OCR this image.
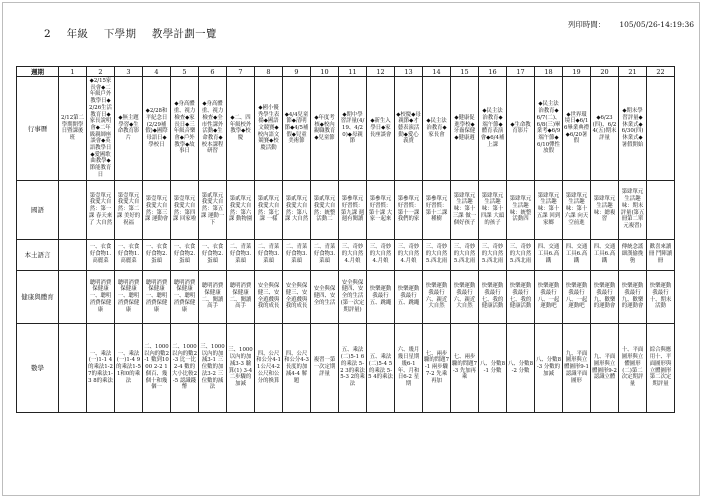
2 年級 下學期 教學計劃一覽
列印時間： 105/05/26-14:19:36
週期	1	2	3	4	5	6	7	8	9	10	11	12	13	14	15	16	17	18	19	20	21	22
行事曆	2/12第二學期開學日暨課後班	◆2/15家長會◆二年級戶外教學日◆2/26生活教育日◆家長說明會◆二年級親師座談會◆英語教學日◆愛國歌曲教學◆節能教育日	◆無主題學習◆生命教育影片	◆2/28和平紀念日(2/29補假)◆國際母語日◆學校日	◆身高體重、視力檢查◆家長日◆三年級音樂會◆戶外教學◆故事日	◆身高體重、視力檢查◆全市性課外活動◆生命教育◆校本課程研習	◆二、四年級校外教學◆校慶	◆國小優秀學生表揚◆國語文競賽◆校內語文競賽◆校慶活動	◆4/4兒童節◆清明節◆4/5補假◆兒童美術節	◆年度考核◆校內親職教育◆兒童節	◆期中學習評量(4/19、4/20)◆母親節	◆新生入學日◆家長座談會	◆校慶◆母親節◆才藝表演活動◆愛心義賣	◆民主法治教育◆家長會	◆健康促進學校◆牙齒保健◆健康週	◆民主法治教育◆端午節◆體育表演會◆6/4補上課	◆生命教育影片	◆民主法治教育◆6/7(二)、6/8(三)畢業考◆6/9端午節◆6/10彈性放假	◆世界環境日◆6/16畢業典禮◆6/20暑假	◆6/23(四)、6/24(五)期末評量	◆期末學習評量◆休業式◆6/30(四)休業式◆暑假開始	

國語		第壹單元我愛大自然：第一課 春天來了 大自然	第壹單元我愛大自然：第二課 美好的祝福	第壹單元我愛大自然：第三課 運動會	第壹單元我愛大自然：第四課 回家啦	第貳單元我愛大自然：第五課 運動一下	第貳單元我愛大自然：第六課 動物園	第貳單元我愛大自然：第七課 一樣	第貳單元我愛大自然：第八課 大自然	第貳單元我愛大自然：統整活動二	第參單元好習慣：第九課 週週有閱讀	第參單元好習慣：第十課 大家一起來	第參單元好習慣：第十一課 我們的家	第參單元好習慣：第十二課 種樹	第肆單元生活趣味：第十三課 做一個好孩子	第肆單元生活趣味：第十四課 大頭的孩子	第肆單元生活趣味：統整活動四	第肆單元生活趣味：第十五課 回到家鄉	第肆單元生活趣味：第十六課 向天空前進	第肆單元生活趣味：總複習	第肆單元生活趣味：期末評量(第五冊第二單元複習)	

本土語言		一、衣食好食物1.高麗菜	一、衣食好食物1.高麗菜	一、衣食好食物2.蛋頭	一、衣食好食物2.蛋頭	一、衣食好食物2.蛋頭	二、青菜好食物3.菜頭	二、青菜好食物3.菜頭	二、青菜好食物3.菜頭	二、青菜好食物3.菜頭	三、奇妙的大自然4.月娘	三、奇妙的大自然4.月娘	三、奇妙的大自然4.月娘	三、奇妙的大自然5.西北雨	三、奇妙的大自然5.西北雨	三、奇妙的大自然5.西北雨	三、奇妙的大自然5.西北雨	四、交通工具6.高鐵	四、交通工具6.高鐵	四、交通工具6.高鐵	傳統念謠 細漢偷挽匏	歡喜來讀冊 鬥陣讀冊

健康與體育		聰明消費保健康一、聰明消費保健康	聰明消費保健康一、聰明消費保健康	聰明消費保健康一、聰明消費保健康	聰明消費保健康一、聰明消費保健康	聰明消費保健康二、閱讀高手	聰明消費保健康二、閱讀高手	安全與保健三、安全遊戲與我的成長	安全與保健三、安全遊戲與我的成長	安全與保健四、安全的生活	安全與保健四、安全的生活(第一次定期評量)	快樂運動我最行五、跳繩	快樂運動我最行五、跳繩	快樂運動我最行六、親近大自然	快樂運動我最行六、親近大自然	快樂運動我最行七、我的健康活動	快樂運動我最行七、我的健康活動	快樂運動我最行八、一起運動吧	快樂運動我最行八、一起運動吧	快樂運動我最行九、歡樂的運動會	快樂運動我最行九、歡樂的運動會	快樂運動我最行十、期末活動

數學		一、乘法(一)1-1 4的乘法1-2 7的乘法1-3 8的乘法	一、乘法(一)1-4 9的乘法1-5 1和0的乘法	二、1000以內的數2-1 數到1000 2-2 1個百、幾個十和幾個一	二、1000以內的數2-3 比一比2-4 數的大小比較2-5 認識錢幣	三、1000以內的加減3-1 三位數的加法3-2 三位數的減法	三、1000以內的加減3-3 驗算(1) 3-4 二步驟的加減	四、公尺和公分4-1 1公尺4-2 公尺和公分的換算	四、公尺和公分4-3 長度的加減4-4 解題	複習一第一次定期評量	五、乘法(二)5-1 6的乘法 5-2 3的乘法5-3 2的乘法	五、乘法(二)5-4 5的乘法 5-5 4的乘法	六、幾月幾日星期幾6-1 年、月和日6-2 星期	七、兩步驟的問題7-1 兩步驟7-2 先乘再加	七、兩步驟的問題7-3 先加再乘	八、分數8-1 分數	八、分數8-2 分數	八、分數8-3 分數的加減	九、平面圖形與立體圖形9-1 認識平面圖形	九、平面圖形與立體圖形9-2 認識立體	十、平面圖形與立體圖形(二)第二次定期評量	綜合與應用十、平面圖形與立體圖形第二次定期評量
